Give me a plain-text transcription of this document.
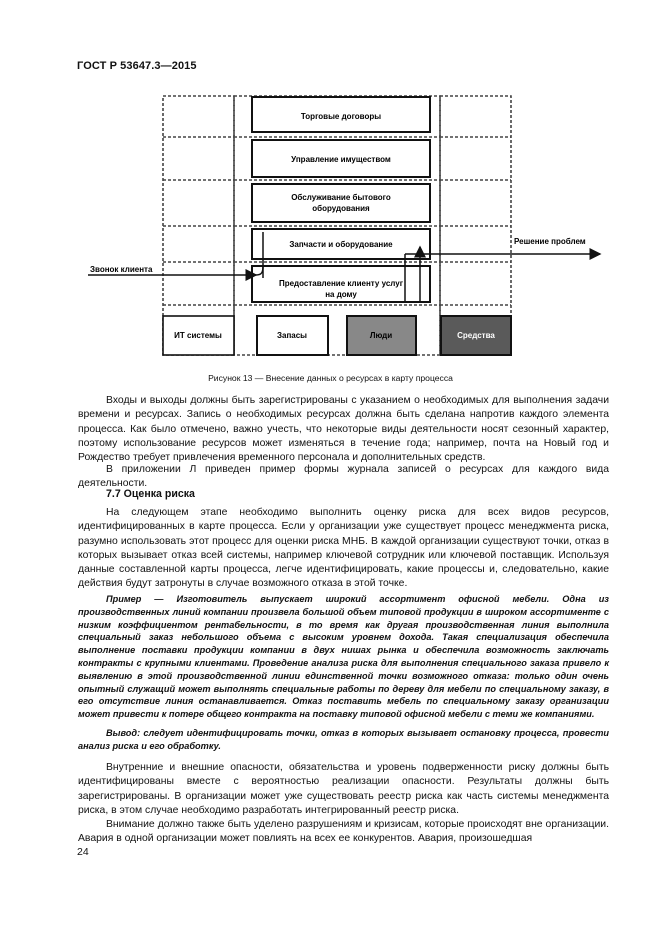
ГОСТ Р 53647.3—2015
Торговые договоры
Управление имуществом
Обслуживание бытового
оборудования
Запчасти и оборудование
Предоставление клиенту услуг
на дому
Звонок клиента
Решение проблем
ИТ системы	Запасы	Люди	Средства
Рисунок 13 — Внесение данных о ресурсах в карту процесса
Входы и выходы должны быть зарегистрированы с указанием о необходимых для выполнения задачи времени и ресурсах. Запись о необходимых ресурсах должна быть сделана напротив каждого элемента процесса. Как было отмечено, важно учесть, что некоторые виды деятельности носят сезонный характер, поэтому использование ресурсов может изменяться в течение года; например, почта на Новый год и Рождество требует привлечения временного персонала и дополнительных средств.
В приложении Л приведен пример формы журнала записей о ресурсах для каждого вида деятельности.
7.7 Оценка риска
На следующем этапе необходимо выполнить оценку риска для всех видов ресурсов, идентифицированных в карте процесса. Если у организации уже существует процесс менеджмента риска, разумно использовать этот процесс для оценки риска МНБ. В каждой организации существуют точки, отказ в которых вызывает отказ всей системы, например ключевой сотрудник или ключевой поставщик. Используя данные составленной карты процесса, легче идентифицировать, какие процессы и, следовательно, какие действия будут затронуты в случае возможного отказа в этой точке.
Пример — Изготовитель выпускает широкий ассортимент офисной мебели. Одна из производственных линий компании произвела большой объем типовой продукции в широком ассортименте с низким коэффициентом рентабельности, в то время как другая производственная линия выполнила специальный заказ небольшого объема с высоким уровнем дохода. Такая специализация обеспечила выполнение поставки продукции компании в двух нишах рынка и обеспечила возможность заключать контракты с крупными клиентами. Проведение анализа риска для выполнения специального заказа привело к выявлению в этой производственной линии единственной точки возможного отказа: только один очень опытный служащий может выполнять специальные работы по дереву для мебели по специальному заказу, в его отсутствие линия останавливается. Отказ поставить мебель по специальному заказу организации может привести к потере общего контракта на поставку типовой офисной мебели с теми же компаниями.
Вывод: следует идентифицировать точки, отказ в которых вызывает остановку процесса, провести анализ риска и его обработку.
Внутренние и внешние опасности, обязательства и уровень подверженности риску должны быть идентифицированы вместе с вероятностью реализации опасности. Результаты должны быть зарегистрированы. В организации может уже существовать реестр риска как часть системы менеджмента риска, в этом случае необходимо разработать интегрированный реестр риска.
Внимание должно также быть уделено разрушениям и кризисам, которые происходят вне организации. Авария в одной организации может повлиять на всех ее конкурентов. Авария, произошедшая
24
